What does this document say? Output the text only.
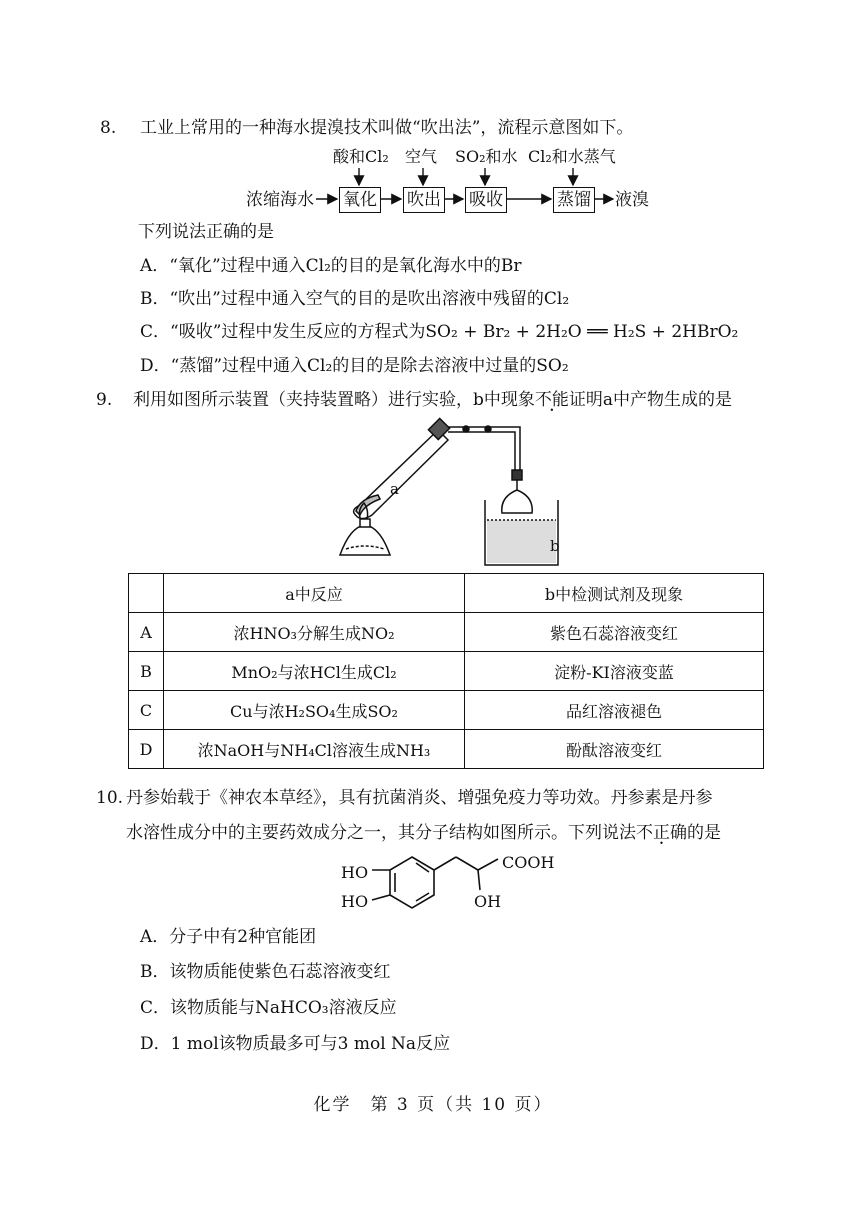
8. 工业上常用的一种海水提溴技术叫做“吹出法”，流程示意图如下。
酸和Cl₂ 空气 SO₂和水 Cl₂和水蒸气
浓缩海水 氧化 吹出 吸收	蒸馏 液溴
下列说法正确的是
A．“氧化”过程中通入Cl₂的目的是氧化海水中的Br
B．“吹出”过程中通入空气的目的是吹出溶液中残留的Cl₂
C．“吸收”过程中发生反应的方程式为SO₂ + Br₂ + 2H₂O ══ H₂S + 2HBrO₂
D．“蒸馏”过程中通入Cl₂的目的是除去溶液中过量的SO₂
9. 利用如图所示装置（夹持装置略）进行实验，b中现象不能证明a中产物生成的是
a
b
	a中反应	b中检测试剂及现象
A	浓HNO₃分解生成NO₂	紫色石蕊溶液变红
B	MnO₂与浓HCl生成Cl₂	淀粉-KI溶液变蓝
C	Cu与浓H₂SO₄生成SO₂	品红溶液褪色
D	浓NaOH与NH₄Cl溶液生成NH₃	酚酞溶液变红
10. 丹参始载于《神农本草经》，具有抗菌消炎、增强免疫力等功效。丹参素是丹参
水溶性成分中的主要药效成分之一，其分子结构如图所示。下列说法不正确的是
HO
HO
COOH
OH
A．分子中有2种官能团
B．该物质能使紫色石蕊溶液变红
C．该物质能与NaHCO₃溶液反应
D．1 mol该物质最多可与3 mol Na反应
化学　第 3 页（共 10 页）
